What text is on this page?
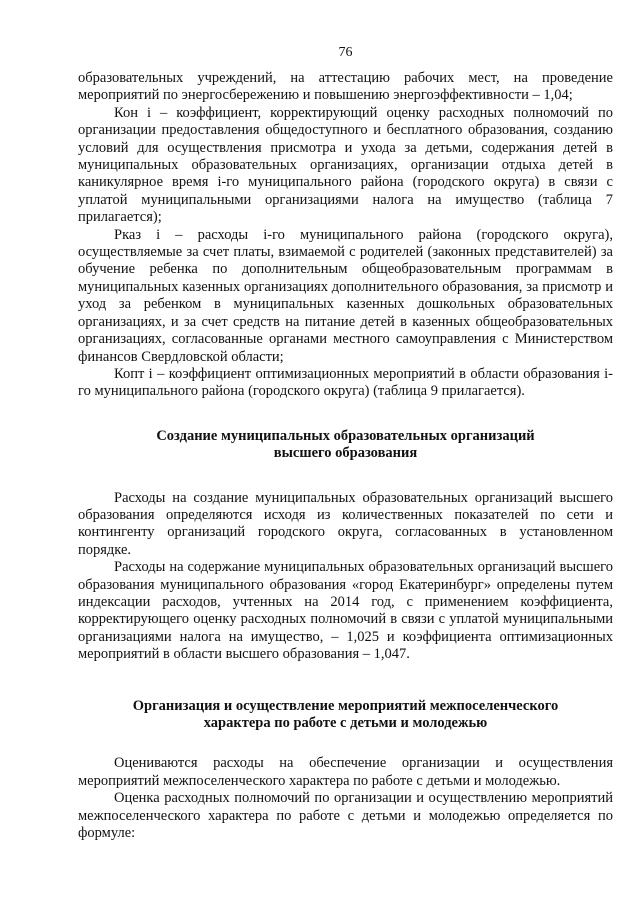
76

образовательных учреждений, на аттестацию рабочих мест, на проведение мероприятий по энергосбережению и повышению энергоэффективности – 1,04;

Кон i – коэффициент, корректирующий оценку расходных полномочий по организации предоставления общедоступного и бесплатного образования, созданию условий для осуществления присмотра и ухода за детьми, содержания детей в муниципальных образовательных организациях, организации отдыха детей в каникулярное время i-го муниципального района (городского округа) в связи с уплатой муниципальными организациями налога на имущество (таблица 7 прилагается);

Рказ i – расходы i-го муниципального района (городского округа), осуществляемые за счет платы, взимаемой с родителей (законных представителей) за обучение ребенка по дополнительным общеобразовательным программам в муниципальных казенных организациях дополнительного образования, за присмотр и уход за ребенком в муниципальных казенных дошкольных образовательных организациях, и за счет средств на питание детей в казенных общеобразовательных организациях, согласованные органами местного самоуправления с Министерством финансов Свердловской области;

Копт i – коэффициент оптимизационных мероприятий в области образования i-го муниципального района (городского округа) (таблица 9 прилагается).

Создание муниципальных образовательных организаций
высшего образования

Расходы на создание муниципальных образовательных организаций высшего образования определяются исходя из количественных показателей по сети и контингенту организаций городского округа, согласованных в установленном порядке.

Расходы на содержание муниципальных образовательных организаций высшего образования муниципального образования «город Екатеринбург» определены путем индексации расходов, учтенных на 2014 год, с применением коэффициента, корректирующего оценку расходных полномочий в связи с уплатой муниципальными организациями налога на имущество, – 1,025 и коэффициента оптимизационных мероприятий в области высшего образования – 1,047.

Организация и осуществление мероприятий межпоселенческого
характера по работе с детьми и молодежью

Оцениваются расходы на обеспечение организации и осуществления мероприятий межпоселенческого характера по работе с детьми и молодежью.

Оценка расходных полномочий по организации и осуществлению мероприятий межпоселенческого характера по работе с детьми и молодежью определяется по формуле:
